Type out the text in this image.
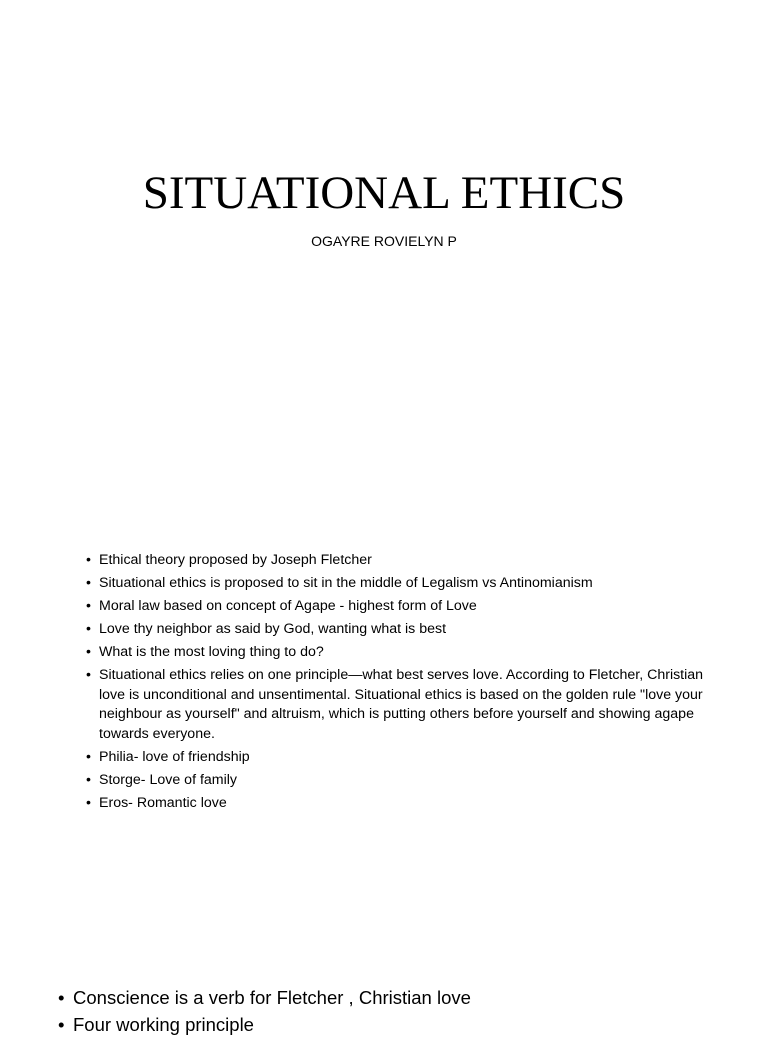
SITUATIONAL ETHICS

OGAYRE ROVIELYN P

• Ethical theory proposed by Joseph Fletcher
• Situational ethics is proposed to sit in the middle of Legalism vs Antinomianism
• Moral law based on concept of Agape - highest form of Love
• Love thy neighbor as said by God, wanting what is best
• What is the most loving thing to do?
• Situational ethics relies on one principle—what best serves love. According to Fletcher, Christian love is unconditional and unsentimental. Situational ethics is based on the golden rule "love your neighbour as yourself" and altruism, which is putting others before yourself and showing agape towards everyone.
• Philia- love of friendship
• Storge- Love of family
• Eros- Romantic love
• Conscience is a verb for Fletcher , Christian love
• Four working principle
